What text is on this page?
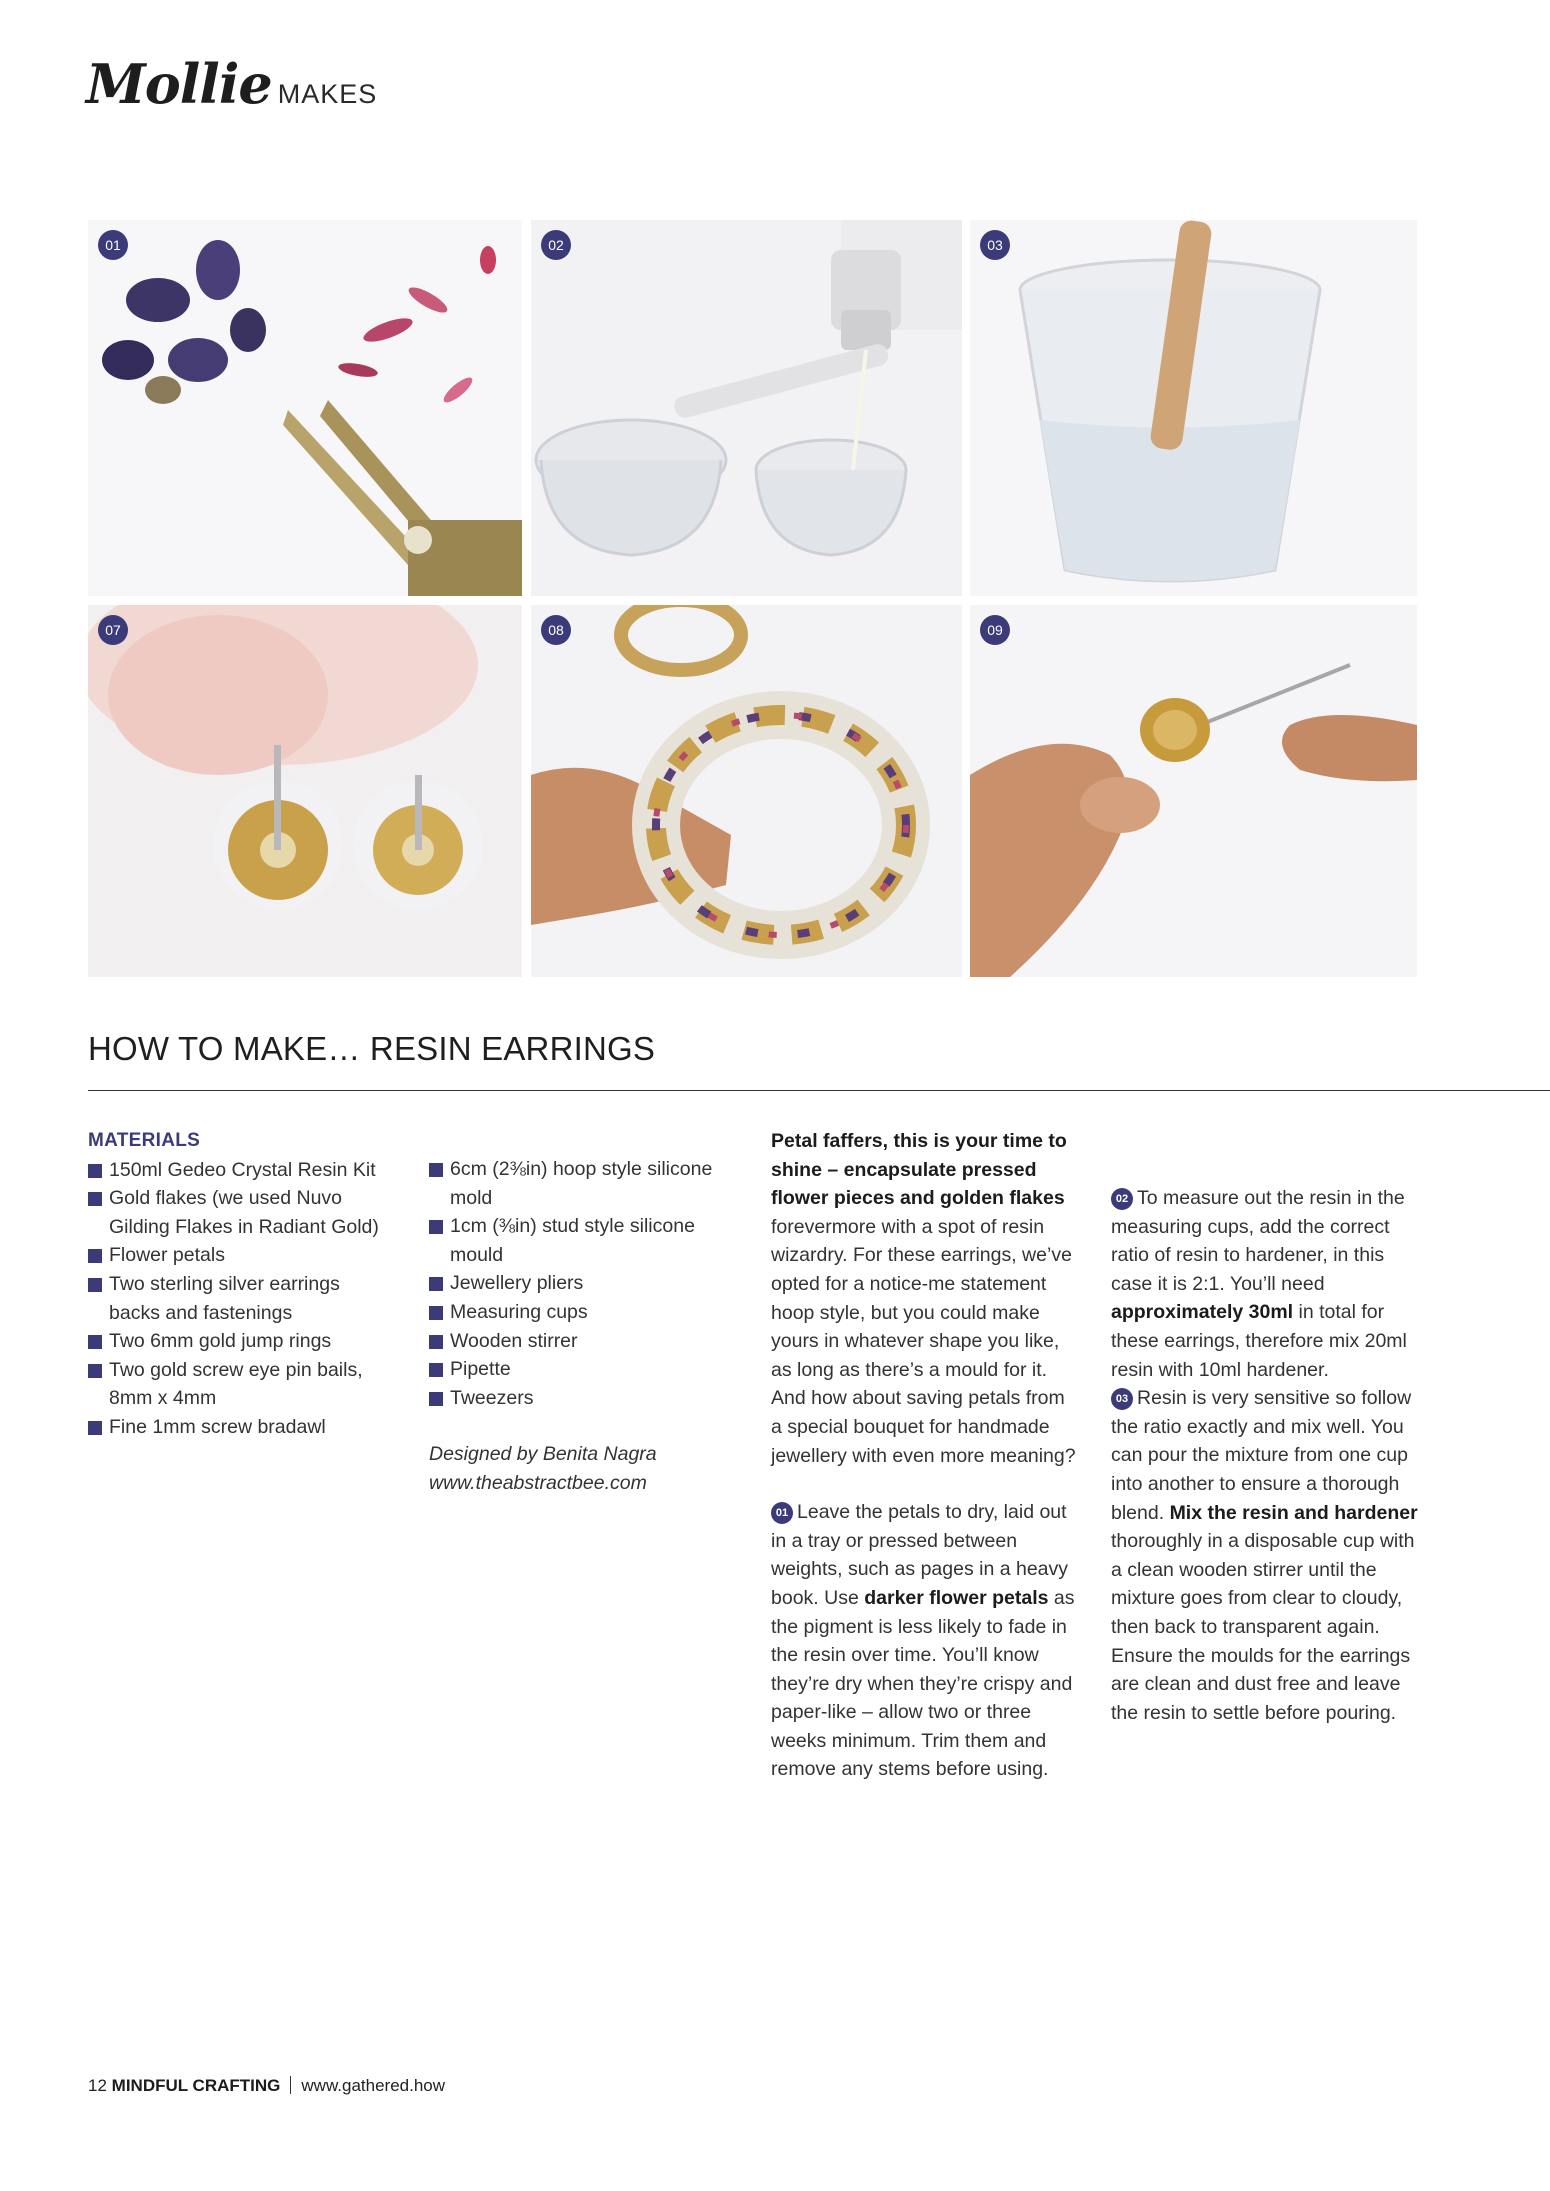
Mollie MAKES
01	02	03
07	08	09
HOW TO MAKE… RESIN EARRINGS
MATERIALS
150ml Gedeo Crystal Resin Kit
Gold flakes (we used Nuvo Gilding Flakes in Radiant Gold)
Flower petals
Two sterling silver earrings backs and fastenings
Two 6mm gold jump rings
Two gold screw eye pin bails, 8mm x 4mm
Fine 1mm screw bradawl
6cm (2⅜in) hoop style silicone mold
1cm (⅜in) stud style silicone mould
Jewellery pliers
Measuring cups
Wooden stirrer
Pipette
Tweezers
Designed by Benita Nagra
www.theabstractbee.com

Petal faffers, this is your time to shine – encapsulate pressed flower pieces and golden flakes forevermore with a spot of resin wizardry. For these earrings, we’ve opted for a notice-me statement hoop style, but you could make yours in whatever shape you like, as long as there’s a mould for it. And how about saving petals from a special bouquet for handmade jewellery with even more meaning?

01 Leave the petals to dry, laid out in a tray or pressed between weights, such as pages in a heavy book. Use darker flower petals as the pigment is less likely to fade in the resin over time. You’ll know they’re dry when they’re crispy and paper-like – allow two or three weeks minimum. Trim them and remove any stems before using.

02 To measure out the resin in the measuring cups, add the correct ratio of resin to hardener, in this case it is 2:1. You’ll need approximately 30ml in total for these earrings, therefore mix 20ml resin with 10ml hardener.

03 Resin is very sensitive so follow the ratio exactly and mix well. You can pour the mixture from one cup into another to ensure a thorough blend. Mix the resin and hardener thoroughly in a disposable cup with a clean wooden stirrer until the mixture goes from clear to cloudy, then back to transparent again. Ensure the moulds for the earrings are clean and dust free and leave the resin to settle before pouring.

12 MINDFUL CRAFTING www.gathered.how
